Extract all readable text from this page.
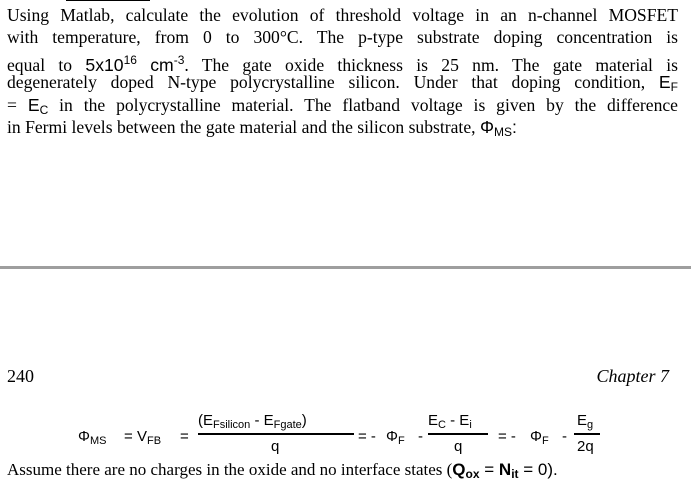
Using Matlab, calculate the evolution of threshold voltage in an n-channel MOSFET
with temperature, from 0 to 300°C. The p-type substrate doping concentration is
equal to $5x10^{16}$ $cm^{-3}$. The gate oxide thickness is 25 nm. The gate material is
degenerately doped N-type polycrystalline silicon. Under that doping condition, EF
= EC in the polycrystalline material. The flatband voltage is given by the difference
in Fermi levels between the gate material and the silicon substrate, ΦMS:
240	Chapter 7
$\Phi_{MS} = V_{FB}$ =
$(E_{Fsilicon} - E_{Fgate})$
q
= - $\Phi_F$ -
$E_C - E_i$
q
= - $\Phi_F$ -
$E_g$
2q
Assume there are no charges in the oxide and no interface states (Qox = Nit = 0).
